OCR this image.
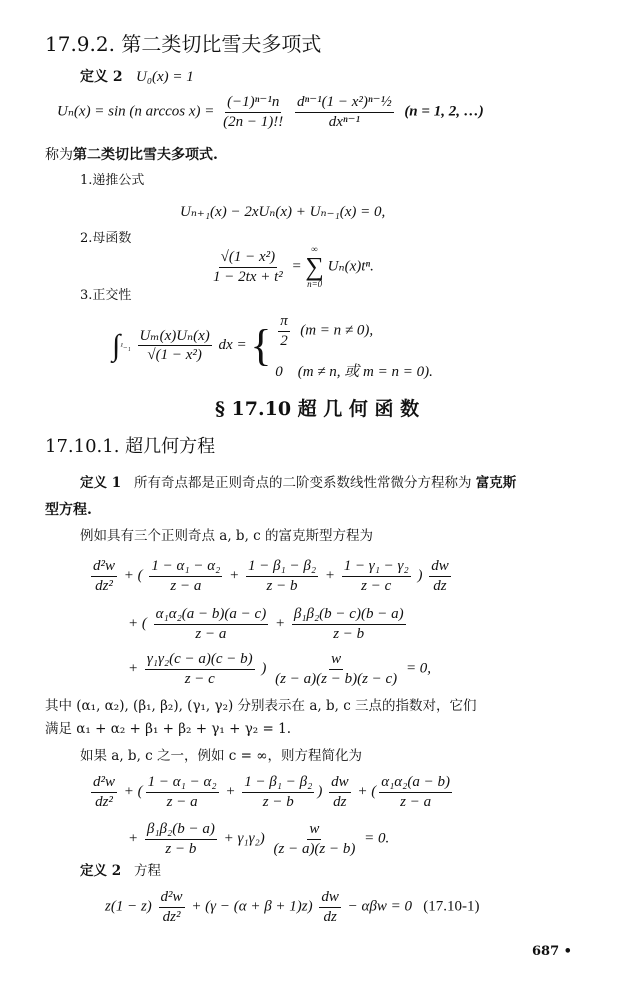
17.9.2. 第二类切比雪夫多项式
定义 2 U₀(x) = 1
Uₙ(x) = sin (n $\arccos x) = \frac{\text{(−1)ⁿ⁻¹n}}{(2n - 1)!!}$
$\frac{\text{dⁿ⁻¹(1 − x²)ⁿ⁻½}}{\text{dxⁿ⁻¹}} (n = 1$, 2, …)
称为第二类切比雪夫多项式.
1.递推公式
Uₙ₊₁(x) − 2xUₙ(x) + Uₙ₋₁(x) = 0,
2.母函数
$\frac{\text{√(1 − x²)}}{\text{1 − 2tx + t²}}$ =
∞
∑
n=0
Uₙ(x)tⁿ.
3.正交性
$\int^1_{-1} \frac{\text{Uₘ(x)Uₙ(x)}}{\text{√(1 − x²)}}$ dx = { $\frac{\pi}{2} (m = n \ne 0)$,
0 (m ≠ n, 或 m = n = 0).
§ 17.10 超 几 何 函 数
17.10.1. 超几何方程
定义 1 所有奇点都是正则奇点的二阶变系数线性常微分方程称为 富克斯
型方程.
例如具有三个正则奇点 a, b, c 的富克斯型方程为
$\frac{\text{d²w}}{\text{dz²}}$ + ( $\frac{\text{1 − α₁ − α₂}}{z - a} + \frac{\text{1 − β₁ − β₂}}{z - b} + \frac{\text{1 − γ₁ − γ₂}}{z - c}$ ) $\frac{dw}{dz}$
+ ( $\frac{\text{α₁α₂(a − b)(a − c)}}{z - a} + \frac{\text{β₁β₂(b − c)(b − a)}}{z - b}$
+ $\frac{\text{γ₁γ₂(c − a)(c − b)}}{z - c}$ ) $\frac{w}{(z - a)(z - b)(z - c)} = 0$,
其中 (α₁, α₂), (β₁, β₂), (γ₁, γ₂) 分别表示在 a, b, c 三点的指数对，它们
满足 α₁ + α₂ + β₁ + β₂ + γ₁ + γ₂ = 1.
如果 a, b, c 之一，例如 c = ∞，则方程简化为
$\frac{\text{d²w}}{\text{dz²}}$ + ( $\frac{\text{1 − α₁ − α₂}}{z - a} + \frac{\text{1 − β₁ − β₂}}{z - b}$ ) $\frac{dw}{dz}$ + ( $\frac{\text{α₁α₂(a − b)}}{z - a}$
+ $\frac{\text{β₁β₂(b − a)}}{z - b} + \gamma_1\gamma_2) \frac{w}{(z - a)(z - b)} = 0$.
定义 2 方程
$z(1 - z) \frac{\text{d²w}}{\text{dz²}} + (\gamma - (\alpha + \beta + 1)z) \frac{dw}{dz} - \alpha\beta w = 0$ (17.10-1)
687 •
